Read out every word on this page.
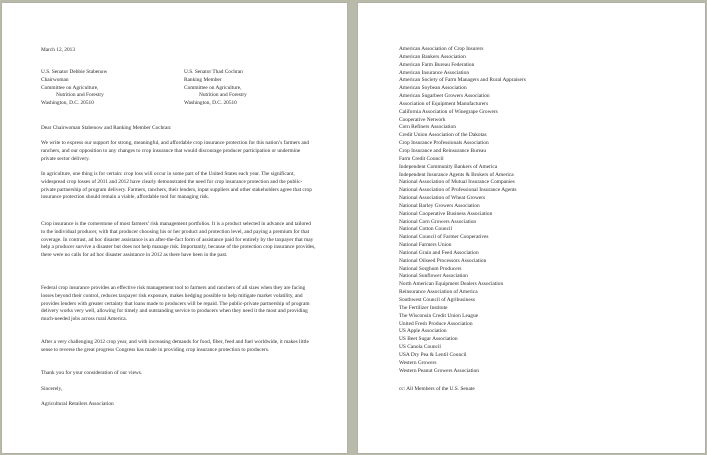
March 12, 2013
U.S. Senator Debbie Stabenow
Chairwoman
Committee on Agriculture,
Nutrition and Forestry
Washington, D.C. 20510
U.S. Senator Thad Cochran
Ranking Member
Committee on Agriculture,
Nutrition and Forestry
Washington, D.C. 20510
Dear Chairwoman Stabenow and Ranking Member Cochran:

We write to express our support for strong, meaningful, and affordable crop insurance protection for this nation’s farmers and ranchers, and our opposition to any changes to crop insurance that would discourage producer participation or undermine private sector delivery.

In agriculture, one thing is for certain: crop loss will occur in some part of the United States each year. The significant, widespread crop losses of 2011 and 2012 have clearly demonstrated the need for crop insurance protection and the public-private partnership of program delivery. Farmers, ranchers, their lenders, input suppliers and other stakeholders agree that crop insurance protection should remain a viable, affordable tool for managing risk.

Crop insurance is the cornerstone of most farmers’ risk management portfolios. It is a product selected in advance and tailored to the individual producer, with that producer choosing his or her product and protection level, and paying a premium for that coverage. In contrast, ad hoc disaster assistance is an after-the-fact form of assistance paid for entirely by the taxpayer that may help a producer survive a disaster but does not help manage risk. Importantly, because of the protection crop insurance provides, there were no calls for ad hoc disaster assistance in 2012 as there have been in the past.

Federal crop insurance provides an effective risk management tool to farmers and ranchers of all sizes when they are facing losses beyond their control, reduces taxpayer risk exposure, makes hedging possible to help mitigate market volatility, and provides lenders with greater certainty that loans made to producers will be repaid. The public-private partnership of program delivery works very well, allowing for timely and outstanding service to producers when they need it the most and providing much-needed jobs across rural America.

After a very challenging 2012 crop year, and with increasing demands for food, fiber, feed and fuel worldwide, it makes little sense to reverse the great progress Congress has made in providing crop insurance protection to producers.

Thank you for your consideration of our views.

Sincerely,
Agricultural Retailers Association
American Association of Crop Insurers
American Bankers Association
American Farm Bureau Federation
American Insurance Association
American Society of Farm Managers and Rural Appraisers
American Soybean Association
American Sugarbeet Growers Association
Association of Equipment Manufacturers
California Association of Winegrape Growers
Cooperative Network
Corn Refiners Association
Credit Union Association of the Dakotas
Crop Insurance Professionals Association
Crop Insurance and Reinsurance Bureau
Farm Credit Council
Independent Community Bankers of America
Independent Insurance Agents & Brokers of America
National Association of Mutual Insurance Companies
National Association of Professional Insurance Agents
National Association of Wheat Growers
National Barley Growers Association
National Cooperative Business Association
National Corn Growers Association
National Cotton Council
National Council of Farmer Cooperatives
National Farmers Union
National Grain and Feed Association
National Oilseed Processors Association
National Sorghum Producers
National Sunflower Association
North American Equipment Dealers Association
Reinsurance Association of America
Southwest Council of Agribusiness
The Fertilizer Institute
The Wisconsin Credit Union League
United Fresh Produce Association
US Apple Association
US Beet Sugar Association
US Canola Council
USA Dry Pea & Lentil Council
Western Growers
Western Peanut Growers Association
cc: All Members of the U.S. Senate
